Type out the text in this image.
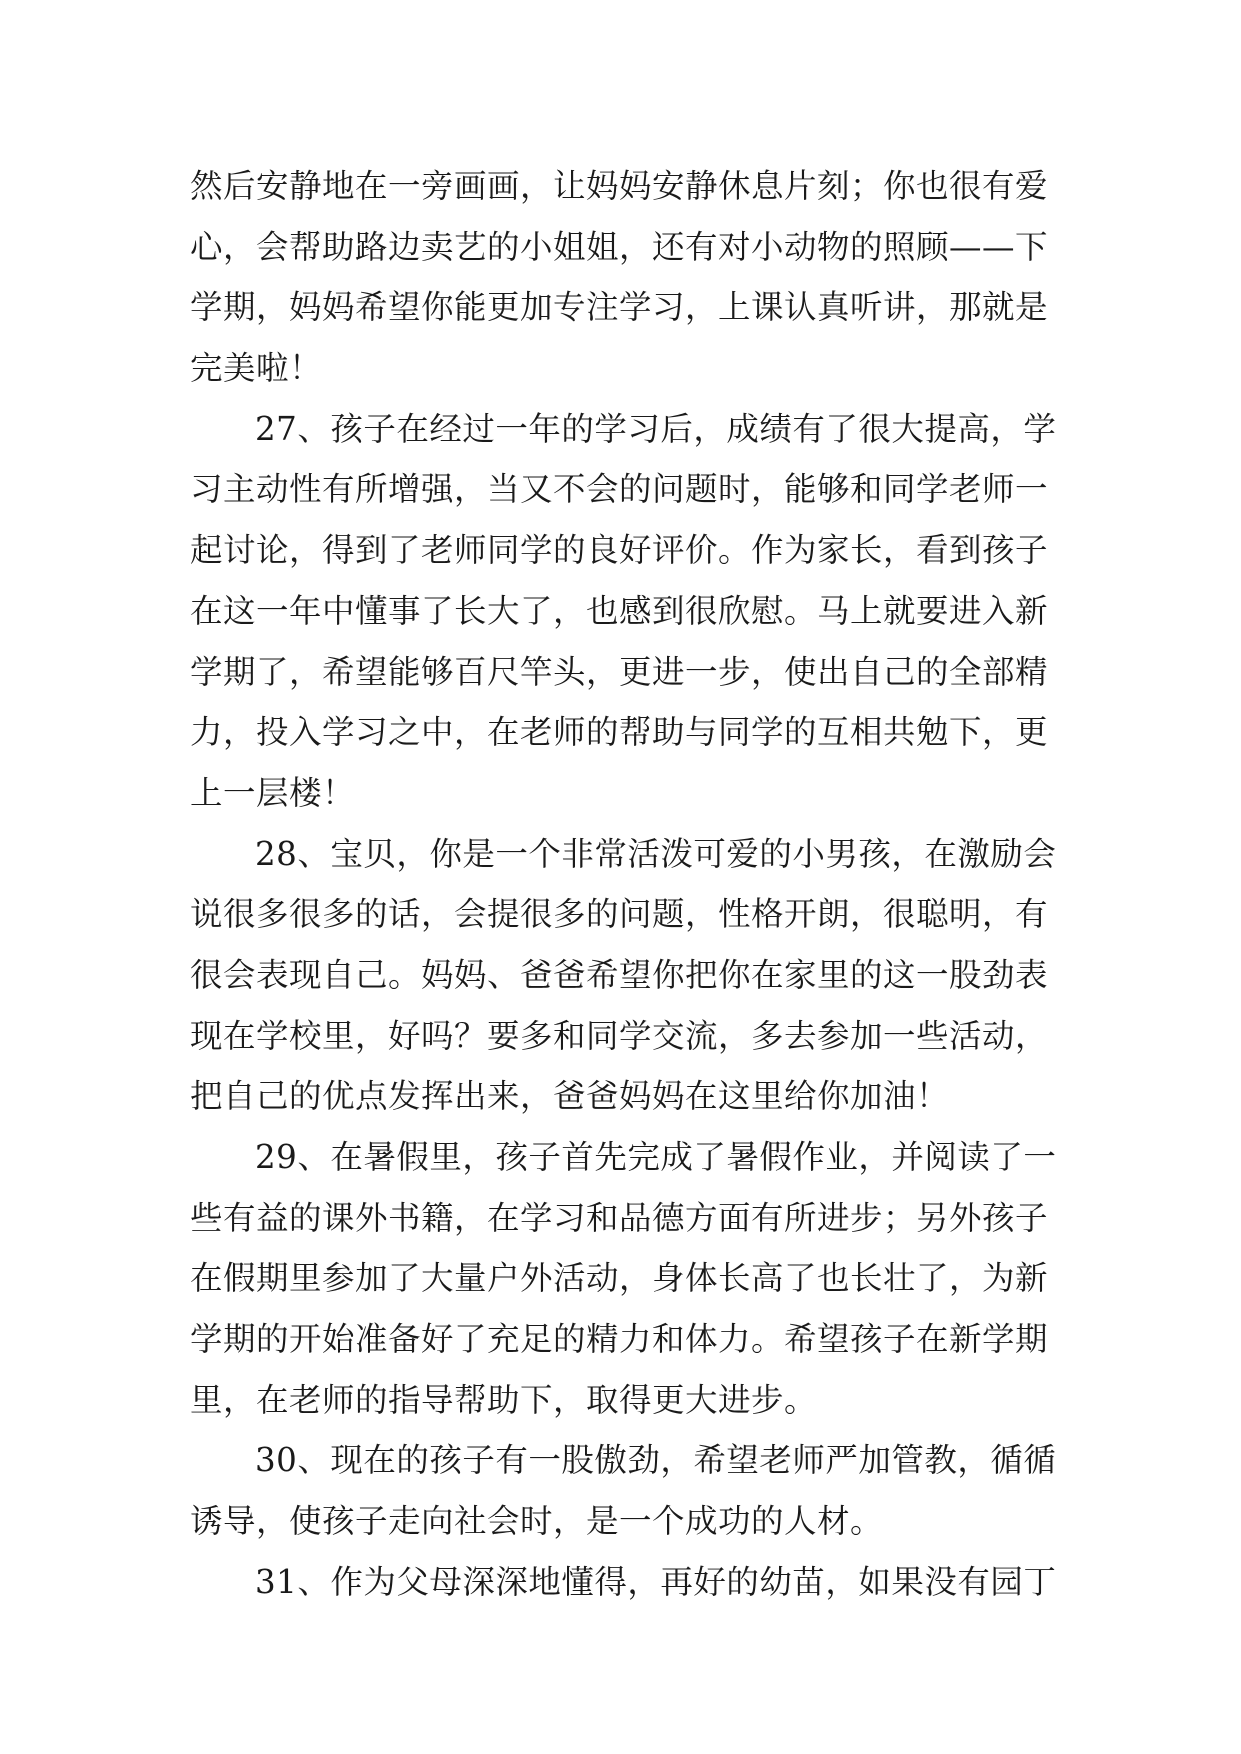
然后安静地在一旁画画，让妈妈安静休息片刻；你也很有爱
心，会帮助路边卖艺的小姐姐，还有对小动物的照顾——下
学期，妈妈希望你能更加专注学习，上课认真听讲，那就是
完美啦！
27、孩子在经过一年的学习后，成绩有了很大提高，学
习主动性有所增强，当又不会的问题时，能够和同学老师一
起讨论，得到了老师同学的良好评价。作为家长，看到孩子
在这一年中懂事了长大了，也感到很欣慰。马上就要进入新
学期了，希望能够百尺竿头，更进一步，使出自己的全部精
力，投入学习之中，在老师的帮助与同学的互相共勉下，更
上一层楼！
28、宝贝，你是一个非常活泼可爱的小男孩，在激励会
说很多很多的话，会提很多的问题，性格开朗，很聪明，有
很会表现自己。妈妈、爸爸希望你把你在家里的这一股劲表
现在学校里，好吗？要多和同学交流，多去参加一些活动，
把自己的优点发挥出来，爸爸妈妈在这里给你加油！
29、在暑假里，孩子首先完成了暑假作业，并阅读了一
些有益的课外书籍，在学习和品德方面有所进步；另外孩子
在假期里参加了大量户外活动，身体长高了也长壮了，为新
学期的开始准备好了充足的精力和体力。希望孩子在新学期
里，在老师的指导帮助下，取得更大进步。
30、现在的孩子有一股傲劲，希望老师严加管教，循循
诱导，使孩子走向社会时，是一个成功的人材。
31、作为父母深深地懂得，再好的幼苗，如果没有园丁
